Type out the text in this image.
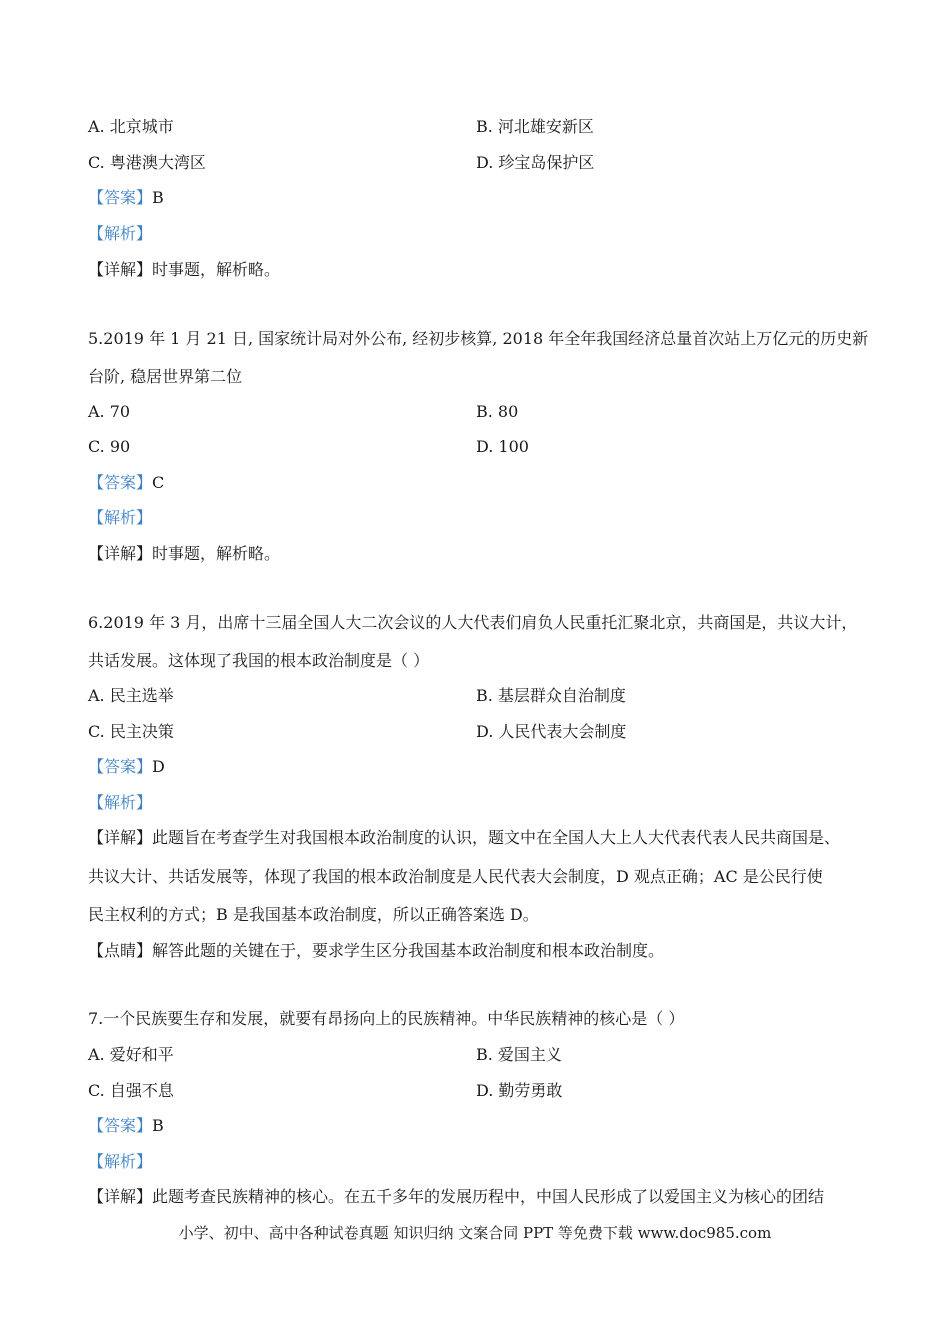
A. 北京城市	B. 河北雄安新区
C. 粤港澳大湾区	D. 珍宝岛保护区
【答案】B
【解析】
【详解】时事题，解析略。
5.2019 年 1 月 21 日, 国家统计局对外公布, 经初步核算, 2018 年全年我国经济总量首次站上万亿元的历史新
台阶, 稳居世界第二位
A. 70	B. 80
C. 90	D. 100
【答案】C
【解析】
【详解】时事题，解析略。
6.2019 年 3 月，出席十三届全国人大二次会议的人大代表们肩负人民重托汇聚北京，共商国是，共议大计，
共话发展。这体现了我国的根本政治制度是（ ）
A. 民主选举	B. 基层群众自治制度
C. 民主决策	D. 人民代表大会制度
【答案】D
【解析】
【详解】此题旨在考查学生对我国根本政治制度的认识，题文中在全国人大上人大代表代表人民共商国是、
共议大计、共话发展等，体现了我国的根本政治制度是人民代表大会制度，D 观点正确；AC 是公民行使
民主权利的方式；B 是我国基本政治制度，所以正确答案选 D。
【点睛】解答此题的关键在于，要求学生区分我国基本政治制度和根本政治制度。
7.一个民族要生存和发展，就要有昂扬向上的民族精神。中华民族精神的核心是（ ）
A. 爱好和平	B. 爱国主义
C. 自强不息	D. 勤劳勇敢
【答案】B
【解析】
【详解】此题考查民族精神的核心。在五千多年的发展历程中，中国人民形成了以爱国主义为核心的团结
小学、初中、高中各种试卷真题 知识归纳 文案合同 PPT 等免费下载 www.doc985.com
